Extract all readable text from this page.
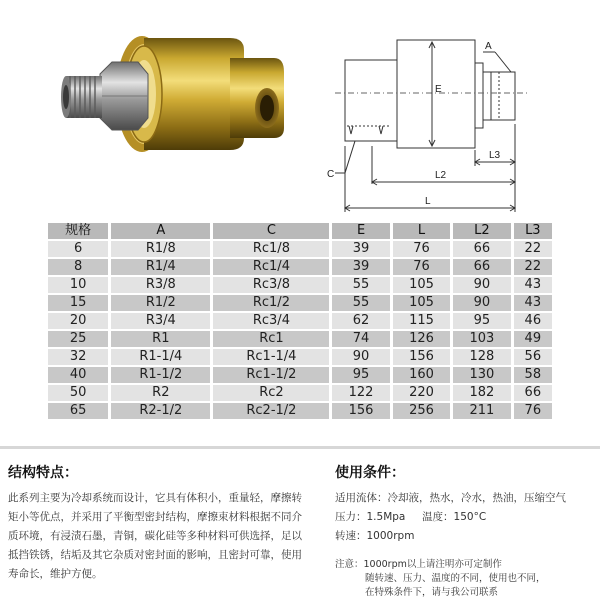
A
E
C
L3
L2
L
规格	A	C	E	L	L2	L3
6	R1/8	Rc1/8	39	76	66	22
8	R1/4	Rc1/4	39	76	66	22
10	R3/8	Rc3/8	55	105	90	43
15	R1/2	Rc1/2	55	105	90	43
20	R3/4	Rc3/4	62	115	95	46
25	R1	Rc1	74	126	103	49
32	R1-1/4	Rc1-1/4	90	156	128	56
40	R1-1/2	Rc1-1/2	95	160	130	58
50	R2	Rc2	122	220	182	66
65	R2-1/2	Rc2-1/2	156	256	211	76
结构特点：
此系列主要为冷却系统而设计，它具有体积小，重量轻，摩擦转矩小等优点，并采用了平衡型密封结构，摩擦束材料根据不同介质环境，有浸渍石墨，青铜，碳化硅等多种材料可供选择，足以抵挡铁锈，结垢及其它杂质对密封面的影响，且密封可靠，使用寿命长，维护方便。
使用条件：
适用流体：冷却液，热水，冷水，热油，压缩空气
压力：1.5Mpa 温度：150°C
转速：1000rpm
注意：1000rpm以上请注明亦可定制作
随转速、压力、温度的不同，使用也不同，
在特殊条件下，请与我公司联系
